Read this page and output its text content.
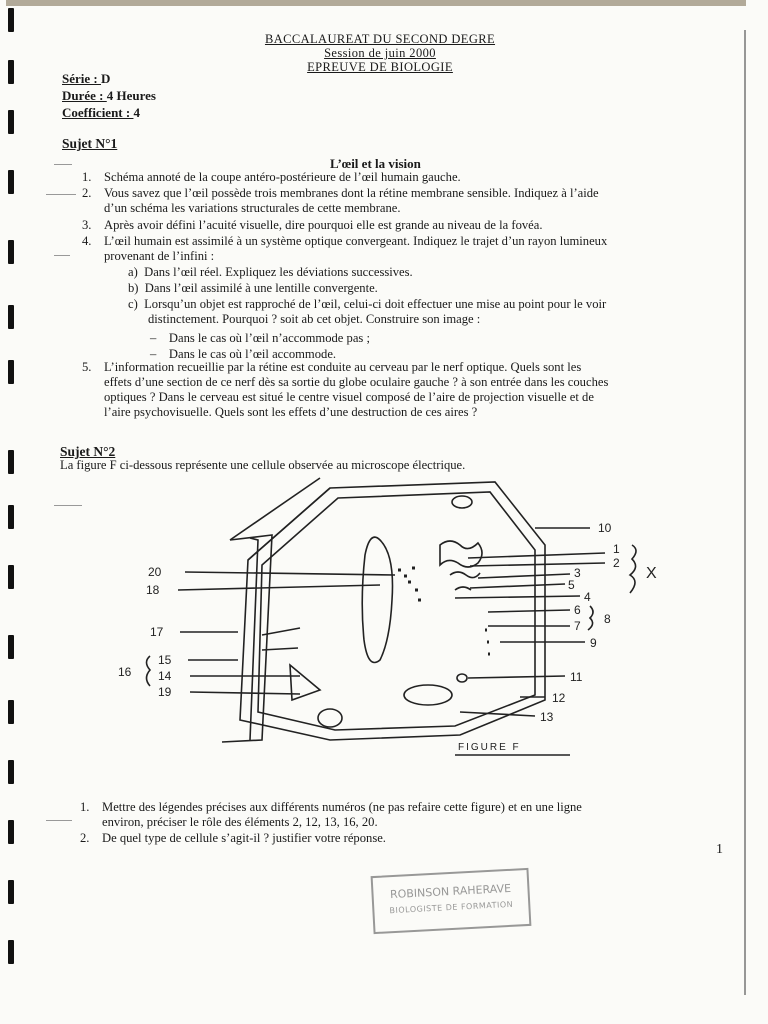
BACCALAUREAT DU SECOND DEGRE
Session de juin 2000
EPREUVE DE BIOLOGIE
Série : D
Durée : 4 Heures
Coefficient : 4
Sujet N°1
L’œil et la vision
1. Schéma annoté de la coupe antéro-postérieure de l’œil humain gauche.
2. Vous savez que l’œil possède trois membranes dont la rétine membrane sensible. Indiquez à l’aide
d’un schéma les variations structurales de cette membrane.
3. Après avoir défini l’acuité visuelle, dire pourquoi elle est grande au niveau de la fovéa.
4. L’œil humain est assimilé à un système optique convergeant. Indiquez le trajet d’un rayon lumineux
provenant de l’infini :
a) Dans l’œil réel. Expliquez les déviations successives.
b) Dans l’œil assimilé à une lentille convergente.
c) Lorsqu’un objet est rapproché de l’œil, celui-ci doit effectuer une mise au point pour le voir
distinctement. Pourquoi ? soit ab cet objet. Construire son image :
– Dans le cas où l’œil n’accommode pas ;
– Dans le cas où l’œil accommode.
5. L’information recueillie par la rétine est conduite au cerveau par le nerf optique. Quels sont les
effets d’une section de ce nerf dès sa sortie du globe oculaire gauche ? à son entrée dans les couches
optiques ? Dans le cerveau est situé le centre visuel composé de l’aire de projection visuelle et de
l’aire psychovisuelle. Quels sont les effets d’une destruction de ces aires ?
Sujet N°2
La figure F ci-dessous représente une cellule observée au microscope électrique.
10
1
2
3
5
4
6
7 8
9
11
12
13
20
18
17
16
15
14
19
X
FIGURE F
1. Mettre des légendes précises aux différents numéros (ne pas refaire cette figure) et en une ligne
environ, préciser le rôle des éléments 2, 12, 13, 16, 20.
2. De quel type de cellule s’agit-il ? justifier votre réponse.
1
ROBINSON RAHERAVE
BIOLOGISTE DE FORMATION
